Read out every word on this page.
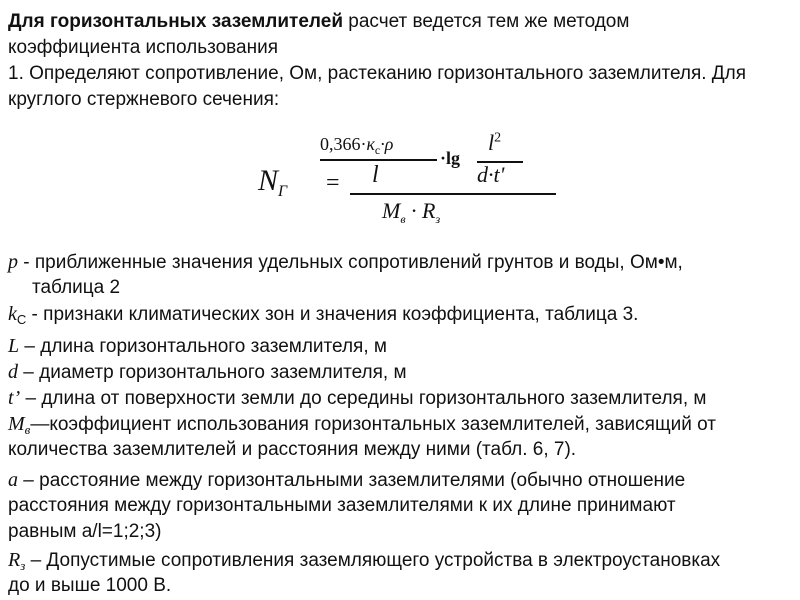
Для горизонтальных заземлителей расчет ведется тем же методом
коэффициента использования
1. Определяют сопротивление, Ом, растеканию горизонтального заземлителя. Для
круглого стержневого сечения:
$N_Г$ =
$0,366\cdot к_с\cdot\rho$
l
·lg
$l^2$
d·t'
$M_в \cdot R_з$
p - приближенные значения удельных сопротивлений грунтов и воды, Ом•м,
таблица 2
$k_C$ - признаки климатических зон и значения коэффициента, таблица 3.
L – длина горизонтального заземлителя, м
d – диаметр горизонтального заземлителя, м
t’ – длина от поверхности земли до середины горизонтального заземлителя, м
$M_в—коэффициент$ использования горизонтальных заземлителей, зависящий от
количества заземлителей и расстояния между ними (табл. 6, 7).
a – расстояние между горизонтальными заземлителями (обычно отношение
расстояния между горизонтальными заземлителями к их длине принимают
равным а/l=1;2;3)
$R_з$ – Допустимые сопротивления заземляющего устройства в электроустановках
до и выше 1000 В.
